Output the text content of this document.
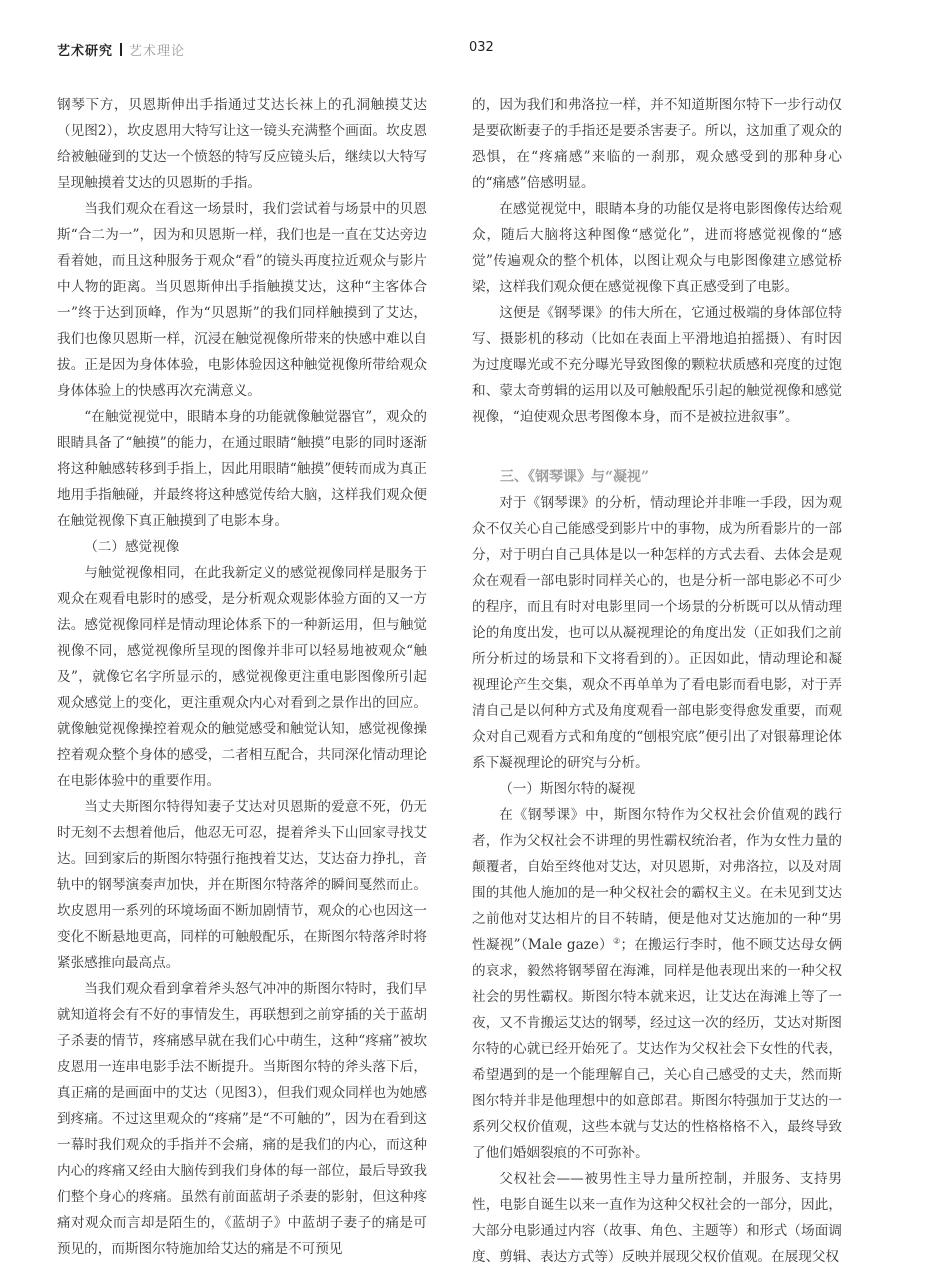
艺术研究 艺术理论	032

钢琴下方，贝恩斯伸出手指通过艾达长袜上的孔洞触摸艾达（见图2），坎皮恩用大特写让这一镜头充满整个画面。坎皮恩给被触碰到的艾达一个愤怒的特写反应镜头后，继续以大特写呈现触摸着艾达的贝恩斯的手指。

当我们观众在看这一场景时，我们尝试着与场景中的贝恩斯“合二为一”，因为和贝恩斯一样，我们也是一直在艾达旁边看着她，而且这种服务于观众“看”的镜头再度拉近观众与影片中人物的距离。当贝恩斯伸出手指触摸艾达，这种“主客体合一”终于达到顶峰，作为“贝恩斯”的我们同样触摸到了艾达，我们也像贝恩斯一样，沉浸在触觉视像所带来的快感中难以自拔。正是因为身体体验，电影体验因这种触觉视像所带给观众身体体验上的快感再次充满意义。

“在触觉视觉中，眼睛本身的功能就像触觉器官”，观众的眼睛具备了“触摸”的能力，在通过眼睛“触摸”电影的同时逐渐将这种触感转移到手指上，因此用眼睛“触摸”便转而成为真正地用手指触碰，并最终将这种感觉传给大脑，这样我们观众便在触觉视像下真正触摸到了电影本身。

（二）感觉视像

与触觉视像相同，在此我新定义的感觉视像同样是服务于观众在观看电影时的感受，是分析观众观影体验方面的又一方法。感觉视像同样是情动理论体系下的一种新运用，但与触觉视像不同，感觉视像所呈现的图像并非可以轻易地被观众“触及”，就像它名字所显示的，感觉视像更注重电影图像所引起观众感觉上的变化，更注重观众内心对看到之景作出的回应。就像触觉视像操控着观众的触觉感受和触觉认知，感觉视像操控着观众整个身体的感受，二者相互配合，共同深化情动理论在电影体验中的重要作用。

当丈夫斯图尔特得知妻子艾达对贝恩斯的爱意不死，仍无时无刻不去想着他后，他忍无可忍，提着斧头下山回家寻找艾达。回到家后的斯图尔特强行拖拽着艾达，艾达奋力挣扎，音轨中的钢琴演奏声加快，并在斯图尔特落斧的瞬间戛然而止。坎皮恩用一系列的环境场面不断加剧情节，观众的心也因这一变化不断悬地更高，同样的可触般配乐，在斯图尔特落斧时将紧张感推向最高点。

当我们观众看到拿着斧头怒气冲冲的斯图尔特时，我们早就知道将会有不好的事情发生，再联想到之前穿插的关于蓝胡子杀妻的情节，疼痛感早就在我们心中萌生，这种“疼痛”被坎皮恩用一连串电影手法不断提升。当斯图尔特的斧头落下后，真正痛的是画面中的艾达（见图3），但我们观众同样也为她感到疼痛。不过这里观众的“疼痛”是“不可触的”，因为在看到这一幕时我们观众的手指并不会痛，痛的是我们的内心，而这种内心的疼痛又经由大脑传到我们身体的每一部位，最后导致我们整个身心的疼痛。虽然有前面蓝胡子杀妻的影射，但这种疼痛对观众而言却是陌生的，《蓝胡子》中蓝胡子妻子的痛是可预见的，而斯图尔特施加给艾达的痛是不可预见

的，因为我们和弗洛拉一样，并不知道斯图尔特下一步行动仅是要砍断妻子的手指还是要杀害妻子。所以，这加重了观众的恐惧，在“疼痛感”来临的一刹那，观众感受到的那种身心的“痛感”倍感明显。

在感觉视觉中，眼睛本身的功能仅是将电影图像传达给观众，随后大脑将这种图像“感觉化”，进而将感觉视像的“感觉”传遍观众的整个机体，以图让观众与电影图像建立感觉桥梁，这样我们观众便在感觉视像下真正感受到了电影。

这便是《钢琴课》的伟大所在，它通过极端的身体部位特写、摄影机的移动（比如在表面上平滑地追拍摇摄）、有时因为过度曝光或不充分曝光导致图像的颗粒状质感和亮度的过饱和、蒙太奇剪辑的运用以及可触般配乐引起的触觉视像和感觉视像，“迫使观众思考图像本身，而不是被拉进叙事”。

三、《钢琴课》与“凝视”

对于《钢琴课》的分析，情动理论并非唯一手段，因为观众不仅关心自己能感受到影片中的事物，成为所看影片的一部分，对于明白自己具体是以一种怎样的方式去看、去体会是观众在观看一部电影时同样关心的，也是分析一部电影必不可少的程序，而且有时对电影里同一个场景的分析既可以从情动理论的角度出发，也可以从凝视理论的角度出发（正如我们之前所分析过的场景和下文将看到的）。正因如此，情动理论和凝视理论产生交集，观众不再单单为了看电影而看电影，对于弄清自己是以何种方式及角度观看一部电影变得愈发重要，而观众对自己观看方式和角度的“刨根究底”便引出了对银幕理论体系下凝视理论的研究与分析。

（一）斯图尔特的凝视

在《钢琴课》中，斯图尔特作为父权社会价值观的践行者，作为父权社会不讲理的男性霸权统治者，作为女性力量的颠覆者，自始至终他对艾达，对贝恩斯，对弗洛拉，以及对周围的其他人施加的是一种父权社会的霸权主义。在未见到艾达之前他对艾达相片的目不转睛，便是他对艾达施加的一种“男性凝视”（Male gaze）②；在搬运行李时，他不顾艾达母女俩的哀求，毅然将钢琴留在海滩，同样是他表现出来的一种父权社会的男性霸权。斯图尔特本就来迟，让艾达在海滩上等了一夜，又不肯搬运艾达的钢琴，经过这一次的经历，艾达对斯图尔特的心就已经开始死了。艾达作为父权社会下女性的代表，希望遇到的是一个能理解自己，关心自己感受的丈夫，然而斯图尔特并非是他理想中的如意郎君。斯图尔特强加于艾达的一系列父权价值观，这些本就与艾达的性格格格不入，最终导致了他们婚姻裂痕的不可弥补。

父权社会——被男性主导力量所控制，并服务、支持男性，电影自诞生以来一直作为这种父权社会的一部分，因此，大部分电影通过内容（故事、角色、主题等）和形式（场面调度、剪辑、表达方式等）反映并展现父权价值观。在展现父权
